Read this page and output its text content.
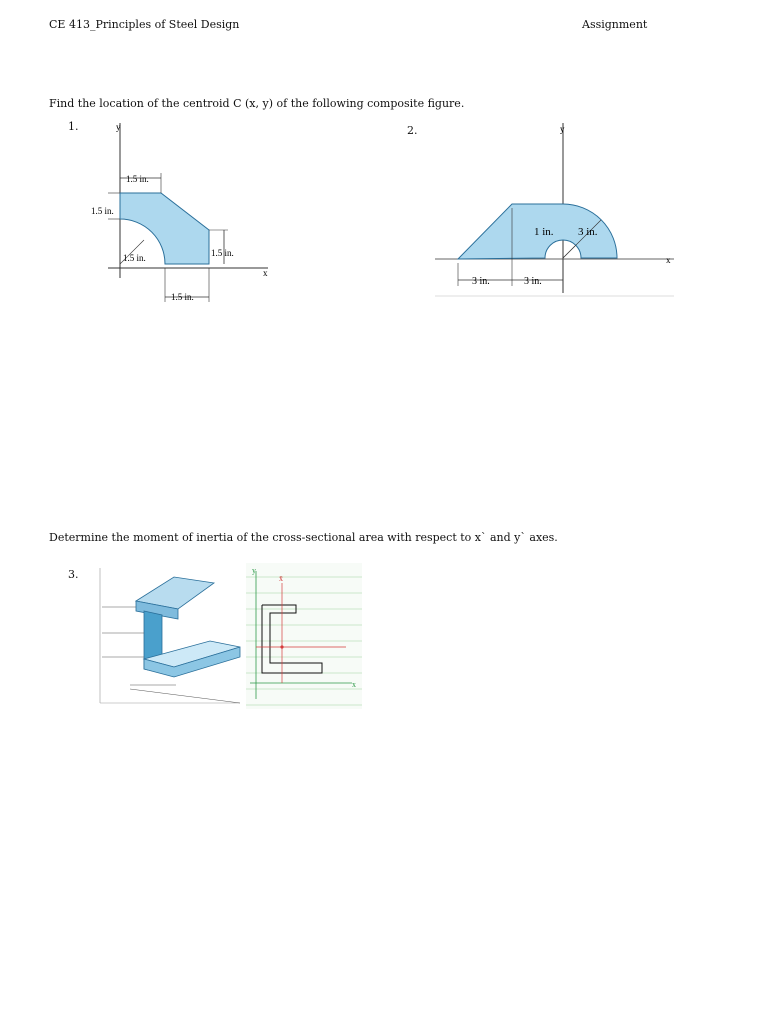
CE 413_Principles of Steel Design	Assignment
Find the location of the centroid C (x, y) of the following composite figure.
1.
1.5 in.
1.5 in.
1.5 in.	1.5 in.
1.5 in.
y
x
2.
1 in. 3 in.
3 in.	3 in.
y
x
Determine the moment of inertia of the cross-sectional area with respect to x` and y` axes.
3.	x̄
y
x
